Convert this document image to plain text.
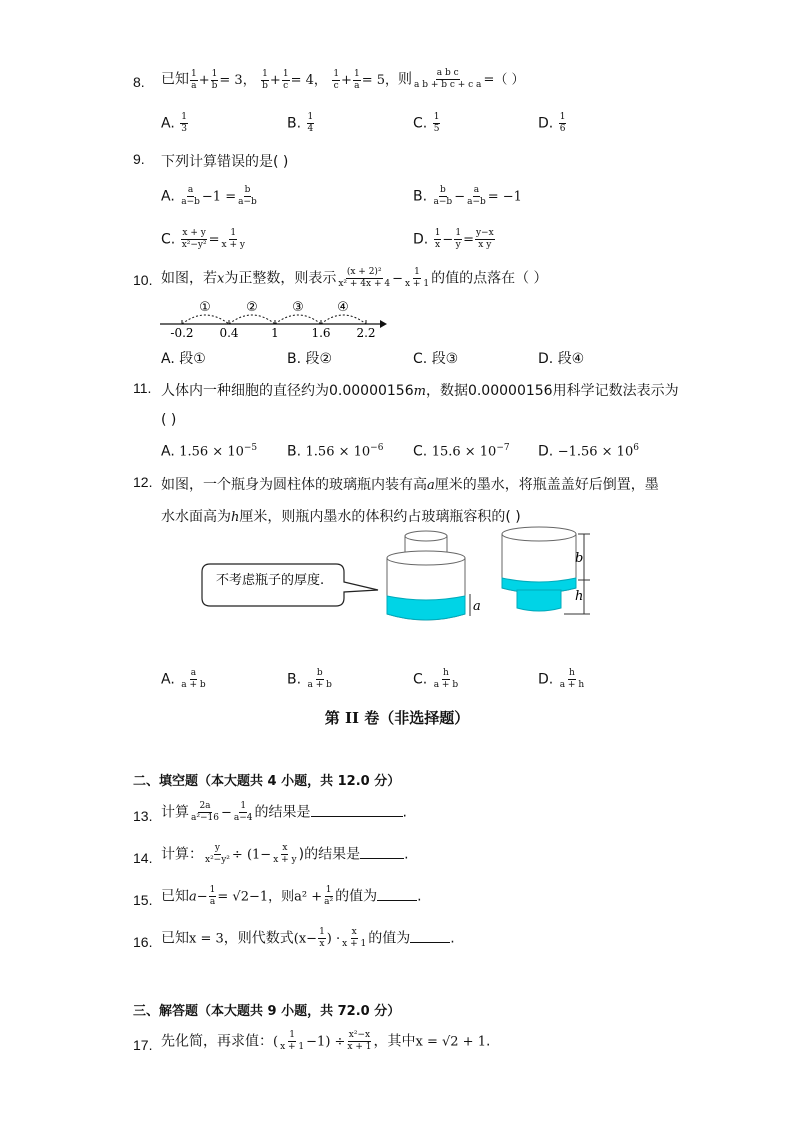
8. 已知 $\frac{1}{a} + \frac{1}{b} = 3$， $\frac{1}{b} + \frac{1}{c} = 4$， $\frac{1}{c} + \frac{1}{a} = 5$，则 $\frac{\text{a b c}}{\text{a b + b c + c a}}$ =（ ）
A. $\frac{1}{3}$	B. $\frac{1}{4}$	C. $\frac{1}{5}$	D. $\frac{1}{6}$
9. 下列计算错误的是( )
A. $\frac{a}{a-b} -1 = \frac{b}{a-b}$	B. $\frac{b}{a-b} - \frac{a}{a-b} = -1$
C. $\frac{x + y}{\text{x²−y²}} = \frac{1}{x + y}$	D. $\frac{1}{x} - \frac{1}{y} = \frac{y-x}{\text{x y}}$
10. 如图，若x为正整数，则表示 $\frac{\text{(x + 2)²}}{\text{x² + 4x + 4}} - \frac{1}{x + 1}$ 的值的点落在（ ）
①	②	③	④
-0.2 0.4	1	1.6 2.2
A. 段①	B. 段②	C. 段③	D. 段④
11. 人体内一种细胞的直径约为0.00000156m，数据0.00000156用科学记数法表示为
( )
A. $1.56 \times 10^{-5}$ B. $1.56 \times 10^{-6}$ C. $15.6 \times 10^{-7}$ D. $-1.56 \times 10^6$
12. 如图，一个瓶身为圆柱体的玻璃瓶内装有高a厘米的墨水，将瓶盖盖好后倒置，墨
水水面高为h厘米，则瓶内墨水的体积约占玻璃瓶容积的( )
不考虑瓶子的厚度.
a
b
h
A. $\frac{a}{a + b}$	B. $\frac{b}{a + b}$	C. $\frac{h}{a + b}$	D. $\frac{h}{a + h}$
第 II 卷（非选择题）
二、填空题（本大题共 4 小题，共 12.0 分）
13. 计算 $\frac{2a}{\text{a²−16}} - \frac{1}{a-4}$ 的结果是	.
14. 计算： $\frac{y}{\text{x²−y²}} \div (1- \frac{x}{x + y}$ )的结果是	.
15. 已知$a- \frac{1}{a} = √2-1$，则$a^2 + \frac{1}{\text{a²}}$ 的值为	.
16. 已知x = 3，则代数式($x- \frac{1}{x}$ ) · $\frac{x}{x + 1}$ 的值为	.
三、解答题（本大题共 9 小题，共 72.0 分）
17. 先化简，再求值：( $\frac{1}{x + 1} -1) \div \frac{\text{x²−x}}{x + 1}$ ，其中x = √2 + 1.
